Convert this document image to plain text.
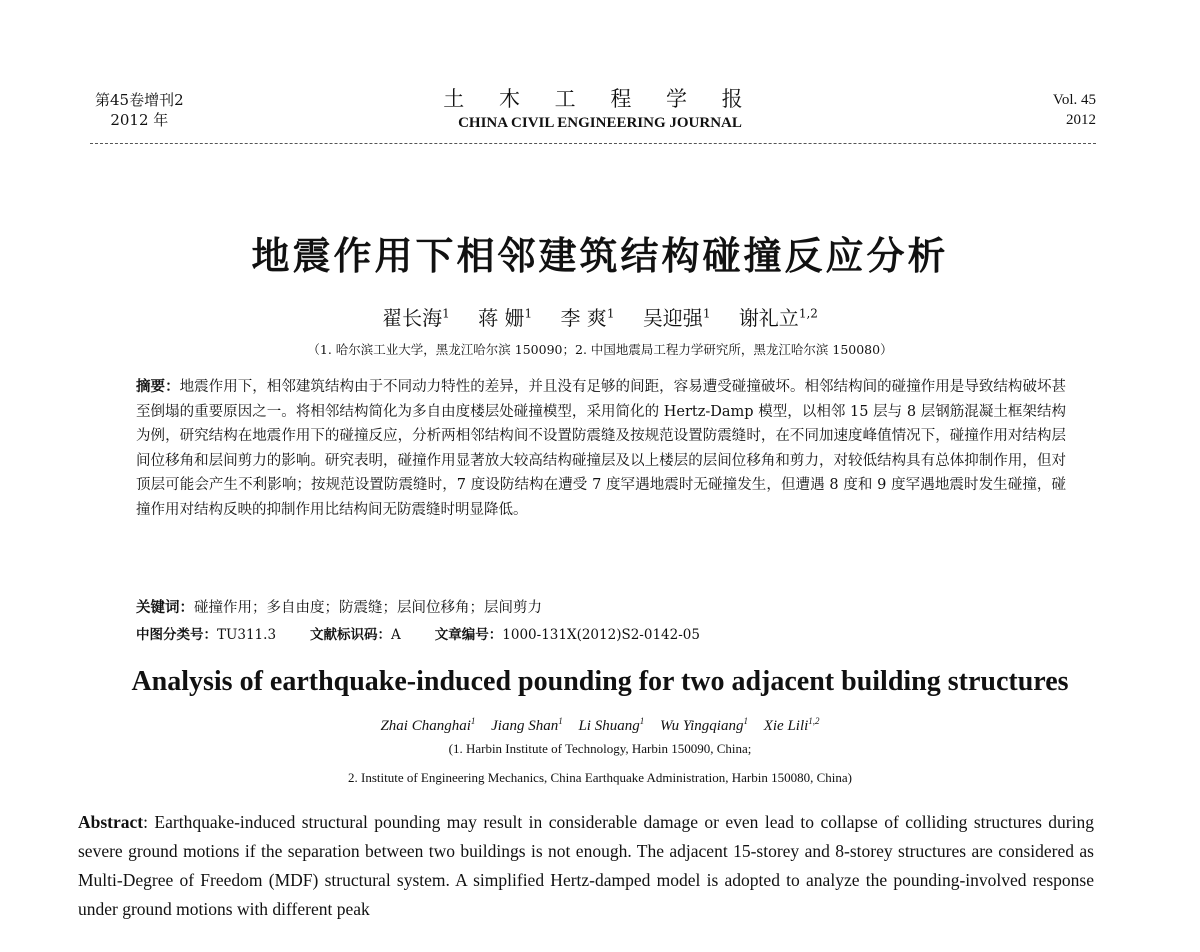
第45卷增刊2
2012 年
土 木 工 程 学 报
CHINA CIVIL ENGINEERING JOURNAL
Vol. 45
2012
地震作用下相邻建筑结构碰撞反应分析
翟长海$^1$ 蒋 姗$^1$ 李 爽$^1$ 吴迎强$^1$ 谢礼立$^{1,2}$
（1. 哈尔滨工业大学，黑龙江哈尔滨 150090；2. 中国地震局工程力学研究所，黑龙江哈尔滨 150080）
摘要：地震作用下，相邻建筑结构由于不同动力特性的差异，并且没有足够的间距，容易遭受碰撞破坏。相邻结构间的碰撞作用是导致结构破坏甚至倒塌的重要原因之一。将相邻结构简化为多自由度楼层处碰撞模型，采用简化的 Hertz-Damp 模型，以相邻 15 层与 8 层钢筋混凝土框架结构为例，研究结构在地震作用下的碰撞反应，分析两相邻结构间不设置防震缝及按规范设置防震缝时，在不同加速度峰值情况下，碰撞作用对结构层间位移角和层间剪力的影响。研究表明，碰撞作用显著放大较高结构碰撞层及以上楼层的层间位移角和剪力，对较低结构具有总体抑制作用，但对顶层可能会产生不利影响；按规范设置防震缝时，7 度设防结构在遭受 7 度罕遇地震时无碰撞发生，但遭遇 8 度和 9 度罕遇地震时发生碰撞，碰撞作用对结构反映的抑制作用比结构间无防震缝时明显降低。
关键词：碰撞作用；多自由度；防震缝；层间位移角；层间剪力
中图分类号：TU311.3	文献标识码：A	文章编号：1000-131X(2012)S2-0142-05
Analysis of earthquake-induced pounding for two adjacent building structures
Zhai Changhai$^1$ Jiang Shan$^1$ Li Shuang$^1$ Wu Yingqiang$^1$ Xie Lili$^{1,2}$
(1. Harbin Institute of Technology, Harbin 150090, China;
2. Institute of Engineering Mechanics, China Earthquake Administration, Harbin 150080, China)
Abstract: Earthquake-induced structural pounding may result in considerable damage or even lead to collapse of colliding structures during severe ground motions if the separation between two buildings is not enough. The adjacent 15-storey and 8-storey structures are considered as Multi-Degree of Freedom (MDF) structural system. A simplified Hertz-damped model is adopted to analyze the pounding-involved response under ground motions with different peak
